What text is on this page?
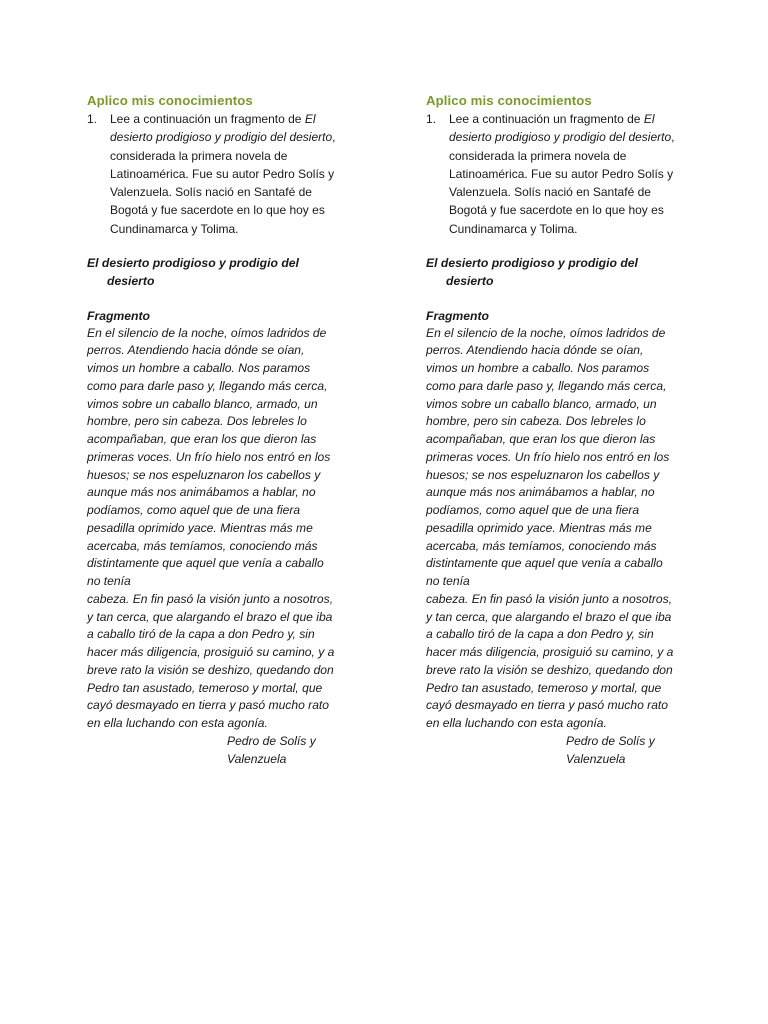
Aplico mis conocimientos

1. Lee a continuación un fragmento de El desierto prodigioso y prodigio del desierto, considerada la primera novela de Latinoamérica. Fue su autor Pedro Solís y Valenzuela. Solís nació en Santafé de Bogotá y fue sacerdote en lo que hoy es Cundinamarca y Tolima.

El desierto prodigioso y prodigio del
desierto

Fragmento

En el silencio de la noche, oímos ladridos de
perros. Atendiendo hacia dónde se oían,
vimos un hombre a caballo. Nos paramos
como para darle paso y, llegando más cerca,
vimos sobre un caballo blanco, armado, un
hombre, pero sin cabeza. Dos lebreles lo
acompañaban, que eran los que dieron las
primeras voces. Un frío hielo nos entró en los
huesos; se nos espeluznaron los cabellos y
aunque más nos animábamos a hablar, no
podíamos, como aquel que de una fiera
pesadilla oprimido yace. Mientras más me
acercaba, más temíamos, conociendo más
distintamente que aquel que venía a caballo
no tenía
cabeza. En fin pasó la visión junto a nosotros,
y tan cerca, que alargando el brazo el que iba
a caballo tiró de la capa a don Pedro y, sin
hacer más diligencia, prosiguió su camino, y a
breve rato la visión se deshizo, quedando don
Pedro tan asustado, temeroso y mortal, que
cayó desmayado en tierra y pasó mucho rato
en ella luchando con esta agonía.

Pedro de Solís y
Valenzuela

Aplico mis conocimientos

1. Lee a continuación un fragmento de El desierto prodigioso y prodigio del desierto, considerada la primera novela de Latinoamérica. Fue su autor Pedro Solís y Valenzuela. Solís nació en Santafé de Bogotá y fue sacerdote en lo que hoy es Cundinamarca y Tolima.

El desierto prodigioso y prodigio del
desierto

Fragmento

En el silencio de la noche, oímos ladridos de
perros. Atendiendo hacia dónde se oían,
vimos un hombre a caballo. Nos paramos
como para darle paso y, llegando más cerca,
vimos sobre un caballo blanco, armado, un
hombre, pero sin cabeza. Dos lebreles lo
acompañaban, que eran los que dieron las
primeras voces. Un frío hielo nos entró en los
huesos; se nos espeluznaron los cabellos y
aunque más nos animábamos a hablar, no
podíamos, como aquel que de una fiera
pesadilla oprimido yace. Mientras más me
acercaba, más temíamos, conociendo más
distintamente que aquel que venía a caballo
no tenía
cabeza. En fin pasó la visión junto a nosotros,
y tan cerca, que alargando el brazo el que iba
a caballo tiró de la capa a don Pedro y, sin
hacer más diligencia, prosiguió su camino, y a
breve rato la visión se deshizo, quedando don
Pedro tan asustado, temeroso y mortal, que
cayó desmayado en tierra y pasó mucho rato
en ella luchando con esta agonía.

Pedro de Solís y
Valenzuela
